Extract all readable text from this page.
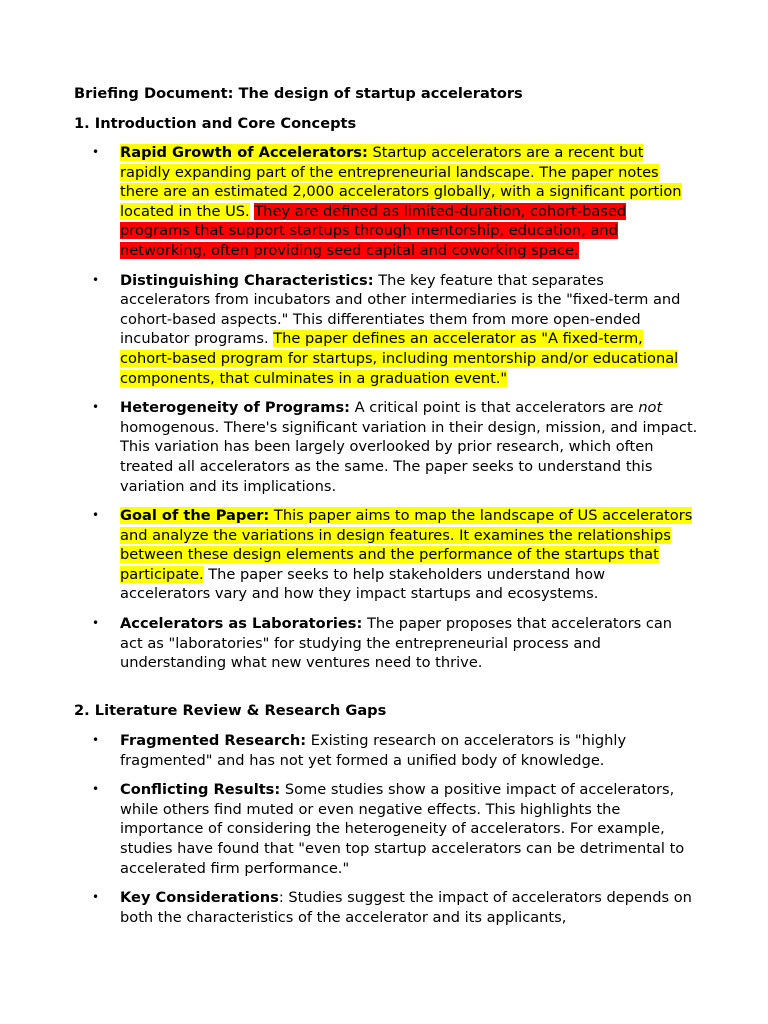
Briefing Document: The design of startup accelerators
1. Introduction and Core Concepts
• Rapid Growth of Accelerators: Startup accelerators are a recent but rapidly expanding part of the entrepreneurial landscape. The paper notes there are an estimated 2,000 accelerators globally, with a significant portion located in the US. They are defined as limited-duration, cohort-based programs that support startups through mentorship, education, and networking, often providing seed capital and coworking space.
• Distinguishing Characteristics: The key feature that separates accelerators from incubators and other intermediaries is the "fixed-term and cohort-based aspects." This differentiates them from more open-ended incubator programs. The paper defines an accelerator as "A fixed-term, cohort-based program for startups, including mentorship and/or educational components, that culminates in a graduation event."
• Heterogeneity of Programs: A critical point is that accelerators are not homogenous. There's significant variation in their design, mission, and impact. This variation has been largely overlooked by prior research, which often treated all accelerators as the same. The paper seeks to understand this variation and its implications.
• Goal of the Paper: This paper aims to map the landscape of US accelerators and analyze the variations in design features. It examines the relationships between these design elements and the performance of the startups that participate. The paper seeks to help stakeholders understand how accelerators vary and how they impact startups and ecosystems.
• Accelerators as Laboratories: The paper proposes that accelerators can act as "laboratories" for studying the entrepreneurial process and understanding what new ventures need to thrive.
2. Literature Review & Research Gaps
• Fragmented Research: Existing research on accelerators is "highly fragmented" and has not yet formed a unified body of knowledge.
• Conflicting Results: Some studies show a positive impact of accelerators, while others find muted or even negative effects. This highlights the importance of considering the heterogeneity of accelerators. For example, studies have found that "even top startup accelerators can be detrimental to accelerated firm performance."
• Key Considerations: Studies suggest the impact of accelerators depends on both the characteristics of the accelerator and its applicants,
